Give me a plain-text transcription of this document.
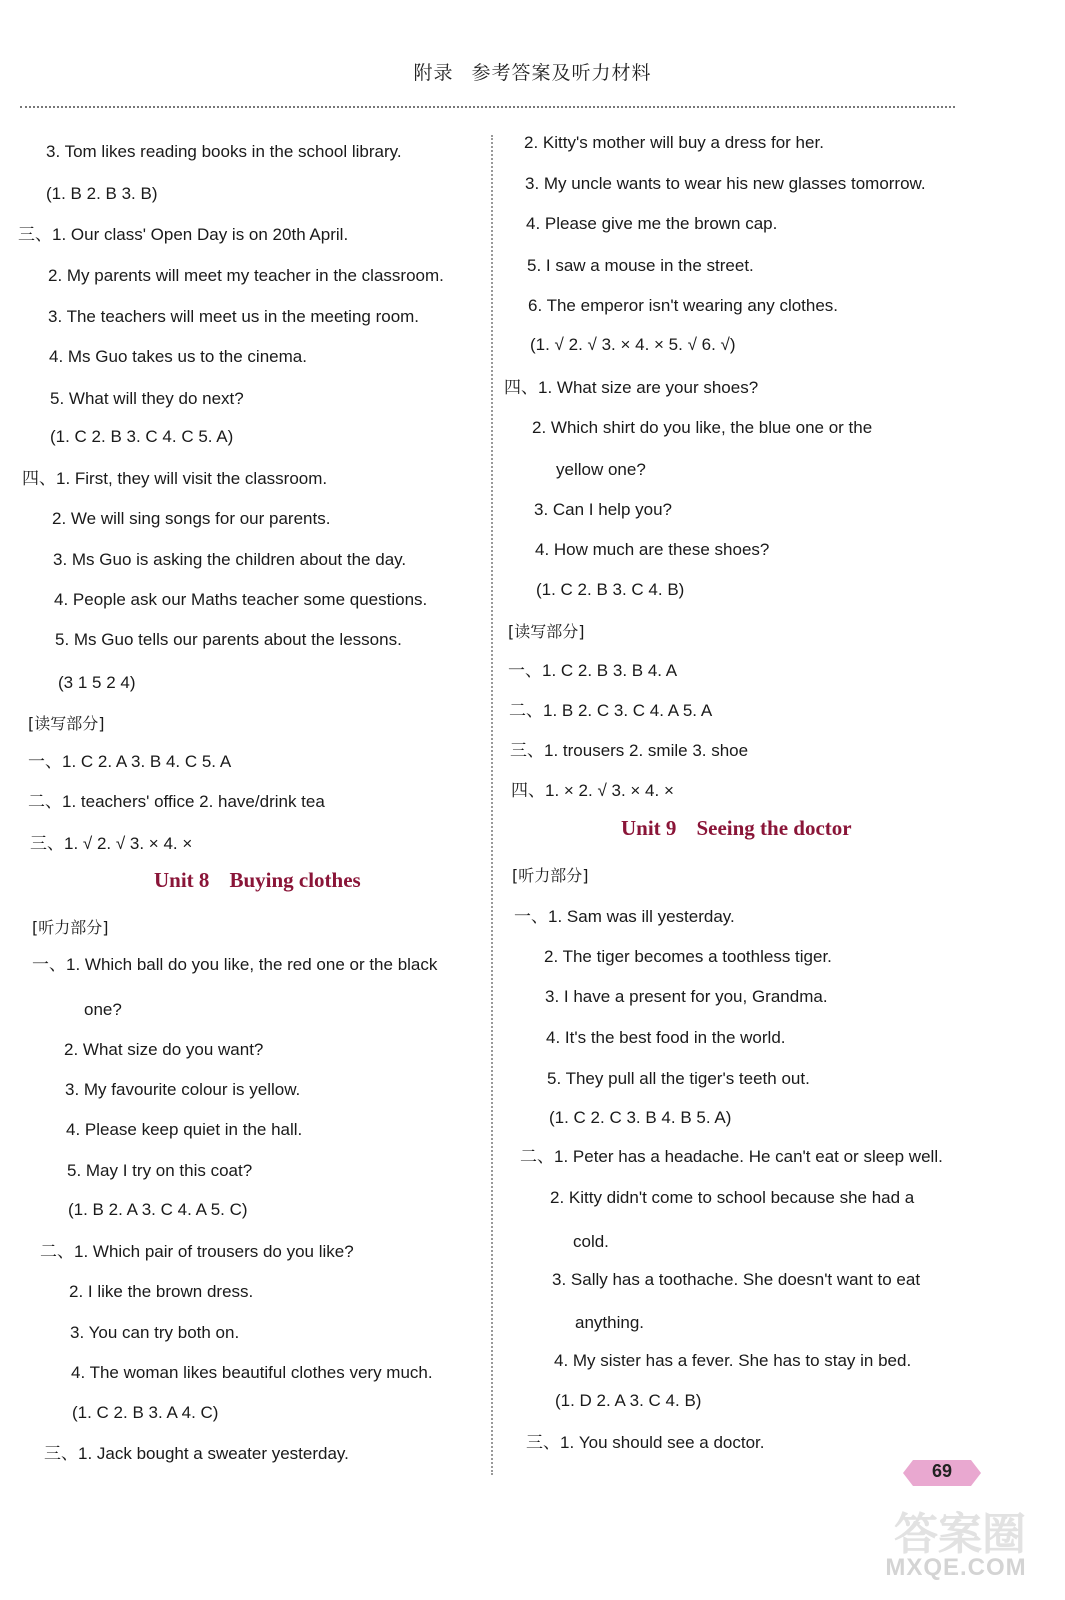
附录 参考答案及听力材料
3. Tom likes reading books in the school library.
(1. B 2. B 3. B)
三、1. Our class' Open Day is on 20th April.
2. My parents will meet my teacher in the classroom.
3. The teachers will meet us in the meeting room.
4. Ms Guo takes us to the cinema.
5. What will they do next?
(1. C 2. B 3. C 4. C 5. A)
四、1. First, they will visit the classroom.
2. We will sing songs for our parents.
3. Ms Guo is asking the children about the day.
4. People ask our Maths teacher some questions.
5. Ms Guo tells our parents about the lessons.
(3 1 5 2 4)
[读写部分]
一、1. C 2. A 3. B 4. C 5. A
二、1. teachers' office 2. have/drink tea
三、1. √ 2. √ 3. × 4. ×
Unit 8 Buying clothes
[听力部分]
一、1. Which ball do you like, the red one or the black
one?
2. What size do you want?
3. My favourite colour is yellow.
4. Please keep quiet in the hall.
5. May I try on this coat?
(1. B 2. A 3. C 4. A 5. C)
二、1. Which pair of trousers do you like?
2. I like the brown dress.
3. You can try both on.
4. The woman likes beautiful clothes very much.
(1. C 2. B 3. A 4. C)
三、1. Jack bought a sweater yesterday.
2. Kitty's mother will buy a dress for her.
3. My uncle wants to wear his new glasses tomorrow.
4. Please give me the brown cap.
5. I saw a mouse in the street.
6. The emperor isn't wearing any clothes.
(1. √ 2. √ 3. × 4. × 5. √ 6. √)
四、1. What size are your shoes?
2. Which shirt do you like, the blue one or the
yellow one?
3. Can I help you?
4. How much are these shoes?
(1. C 2. B 3. C 4. B)
[读写部分]
一、1. C 2. B 3. B 4. A
二、1. B 2. C 3. C 4. A 5. A
三、1. trousers 2. smile 3. shoe
四、1. × 2. √ 3. × 4. ×
Unit 9 Seeing the doctor
[听力部分]
一、1. Sam was ill yesterday.
2. The tiger becomes a toothless tiger.
3. I have a present for you, Grandma.
4. It's the best food in the world.
5. They pull all the tiger's teeth out.
(1. C 2. C 3. B 4. B 5. A)
二、1. Peter has a headache. He can't eat or sleep well.
2. Kitty didn't come to school because she had a
cold.
3. Sally has a toothache. She doesn't want to eat
anything.
4. My sister has a fever. She has to stay in bed.
(1. D 2. A 3. C 4. B)
三、1. You should see a doctor.
69
答案圈
MXQE.COM
